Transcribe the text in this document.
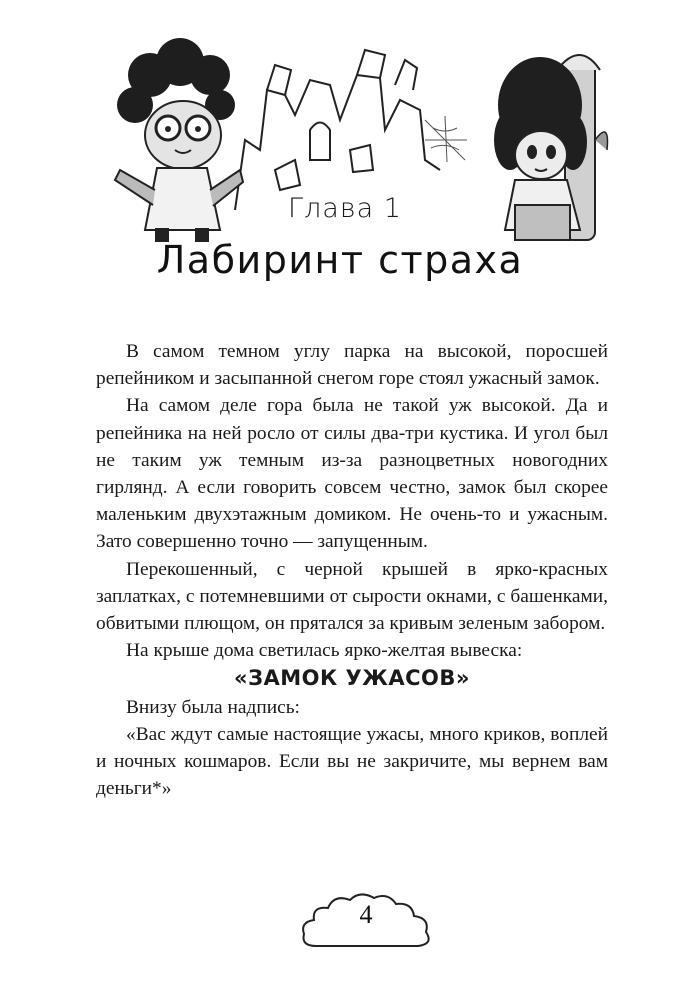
Глава 1
Лабиринт страха

В самом темном углу парка на высокой, поросшей репейником и засыпанной снегом горе стоял ужасный замок.

На самом деле гора была не такой уж высокой. Да и репейника на ней росло от силы два-три кустика. И угол был не таким уж темным из-за разноцветных новогодних гирлянд. А если говорить совсем честно, замок был скорее маленьким двухэтажным домиком. Не очень-то и ужасным. Зато совершенно точно — запущенным.

Перекошенный, с черной крышей в ярко-красных заплатках, с потемневшими от сырости окнами, с башенками, обвитыми плющом, он прятался за кривым зеленым забором.

На крыше дома светилась ярко-желтая вывеска:

«ЗАМОК УЖАСОВ»

Внизу была надпись:

«Вас ждут самые настоящие ужасы, много криков, воплей и ночных кошмаров. Если вы не закричите, мы вернем вам деньги*»

4
